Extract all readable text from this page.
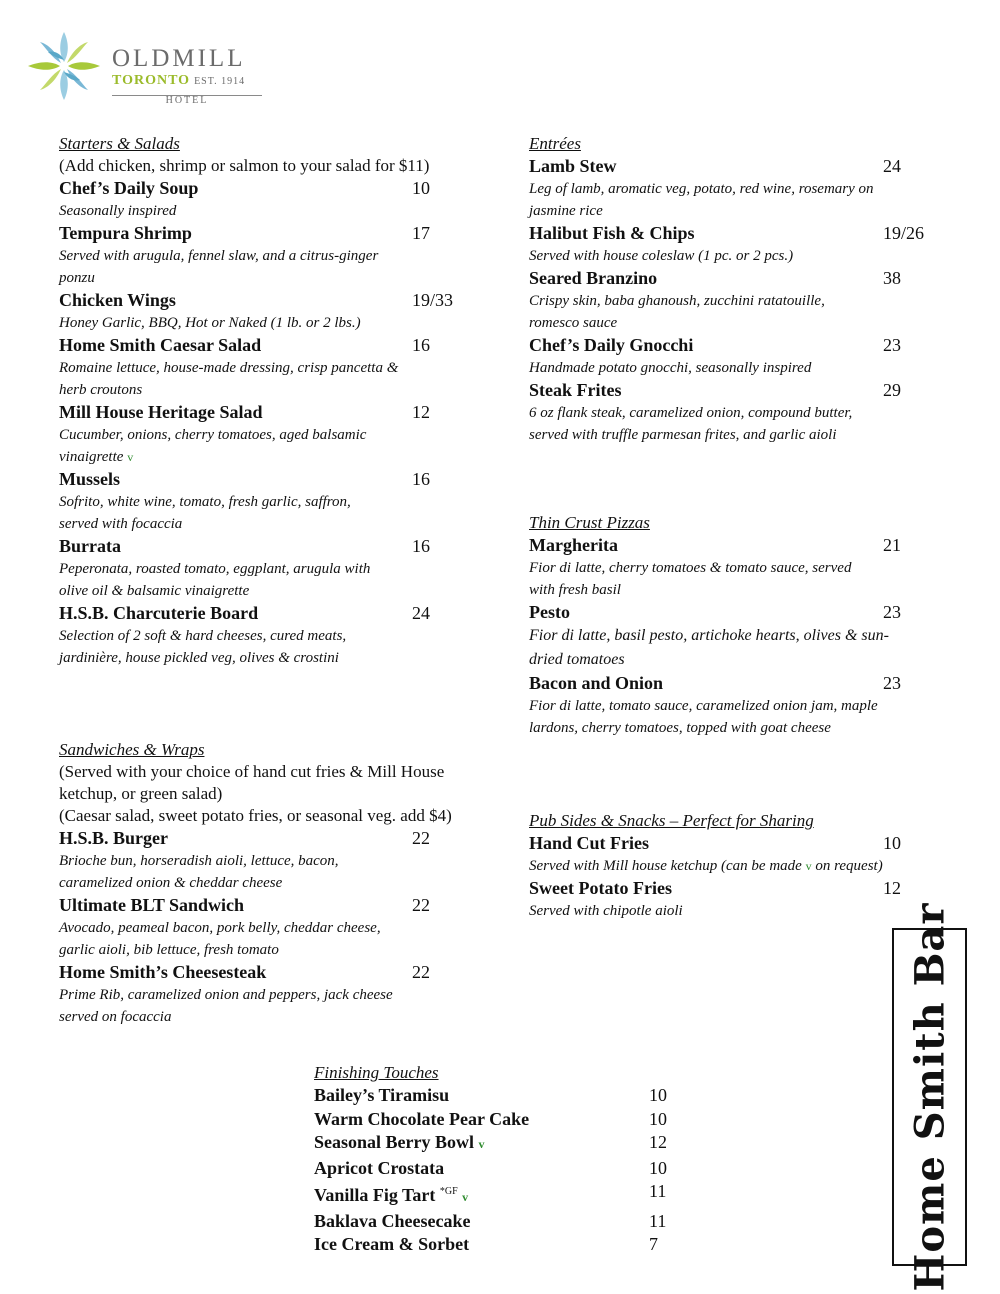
OLDMILL
TORONTO EST. 1914
HOTEL
Starters & Salads
(Add chicken, shrimp or salmon to your salad for $11)
Chef’s Daily Soup	10
Seasonally inspired
Tempura Shrimp	17
Served with arugula, fennel slaw, and a citrus-ginger ponzu
Chicken Wings	19/33
Honey Garlic, BBQ, Hot or Naked (1 lb. or 2 lbs.)
Home Smith Caesar Salad	16
Romaine lettuce, house-made dressing, crisp pancetta & herb croutons
Mill House Heritage Salad	12
Cucumber, onions, cherry tomatoes, aged balsamic vinaigrette v
Mussels	16
Sofrito, white wine, tomato, fresh garlic, saffron, served with focaccia
Burrata	16
Peperonata, roasted tomato, eggplant, arugula with olive oil & balsamic vinaigrette
H.S.B. Charcuterie Board	24
Selection of 2 soft & hard cheeses, cured meats, jardinière, house pickled veg, olives & crostini
Sandwiches & Wraps
(Served with your choice of hand cut fries & Mill House ketchup, or green salad)
(Caesar salad, sweet potato fries, or seasonal veg. add $4)
H.S.B. Burger	22
Brioche bun, horseradish aioli, lettuce, bacon, caramelized onion & cheddar cheese
Ultimate BLT Sandwich	22
Avocado, peameal bacon, pork belly, cheddar cheese, garlic aioli, bib lettuce, fresh tomato
Home Smith’s Cheesesteak	22
Prime Rib, caramelized onion and peppers, jack cheese served on focaccia
Entrées
Lamb Stew	24
Leg of lamb, aromatic veg, potato, red wine, rosemary on jasmine rice
Halibut Fish & Chips	19/26
Served with house coleslaw (1 pc. or 2 pcs.)
Seared Branzino	38
Crispy skin, baba ghanoush, zucchini ratatouille, romesco sauce
Chef’s Daily Gnocchi	23
Handmade potato gnocchi, seasonally inspired
Steak Frites	29
6 oz flank steak, caramelized onion, compound butter, served with truffle parmesan frites, and garlic aioli
Thin Crust Pizzas
Margherita	21
Fior di latte, cherry tomatoes & tomato sauce, served with fresh basil
Pesto	23
Fior di latte, basil pesto, artichoke hearts, olives & sun-dried tomatoes
Bacon and Onion	23
Fior di latte, tomato sauce, caramelized onion jam, maple lardons, cherry tomatoes, topped with goat cheese
Pub Sides & Snacks – Perfect for Sharing
Hand Cut Fries	10
Served with Mill house ketchup (can be made v on request)
Sweet Potato Fries	12
Served with chipotle aioli
Finishing Touches
Bailey’s Tiramisu	10
Warm Chocolate Pear Cake	10
Seasonal Berry Bowl v	12
Apricot Crostata	10
Vanilla Fig Tart $^{*GF}$ v	11
Baklava Cheesecake	11
Ice Cream & Sorbet	7	Home Smith Bar
